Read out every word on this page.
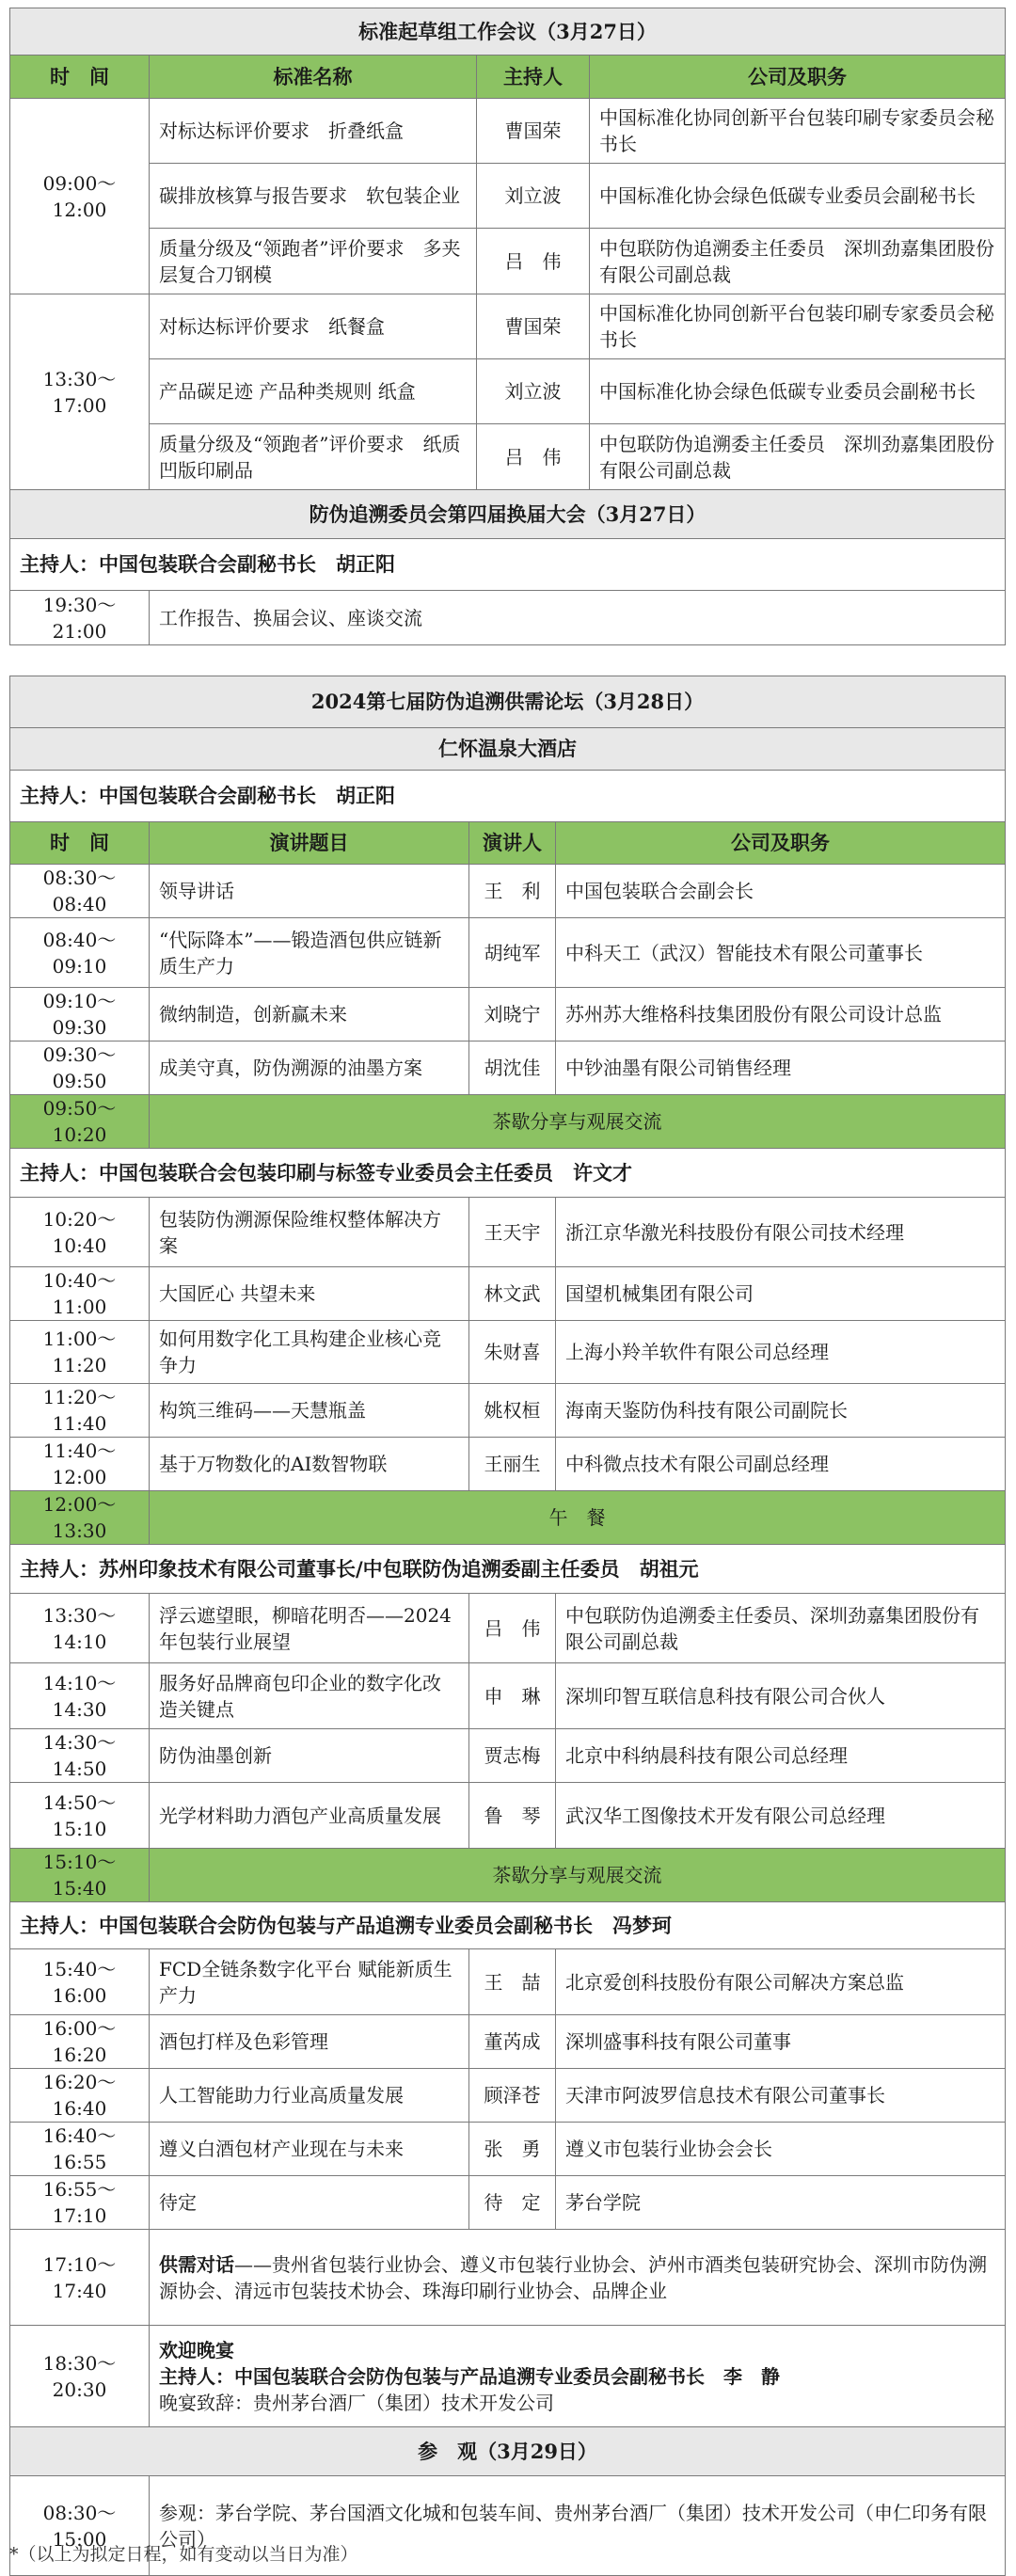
标准起草组工作会议（3月27日）			
时　间	标准名称	主持人	公司及职务
09:00～12:00	对标达标评价要求　折叠纸盒	曹国荣	中国标准化协同创新平台包装印刷专家委员会秘书长
	碳排放核算与报告要求　软包装企业	刘立波	中国标准化协会绿色低碳专业委员会副秘书长
	质量分级及“领跑者”评价要求　多夹层复合刀钢模	吕　伟	中包联防伪追溯委主任委员　深圳劲嘉集团股份有限公司副总裁
13:30～17:00	对标达标评价要求　纸餐盒	曹国荣	中国标准化协同创新平台包装印刷专家委员会秘书长
	产品碳足迹 产品种类规则 纸盒	刘立波	中国标准化协会绿色低碳专业委员会副秘书长
	质量分级及“领跑者”评价要求　纸质凹版印刷品	吕　伟	中包联防伪追溯委主任委员　深圳劲嘉集团股份有限公司副总裁
防伪追溯委员会第四届换届大会（3月27日）			
主持人：中国包装联合会副秘书长　胡正阳			
19:30～21:00	工作报告、换届会议、座谈交流		
2024第七届防伪追溯供需论坛（3月28日）			
仁怀温泉大酒店			
主持人：中国包装联合会副秘书长　胡正阳			
时　间	演讲题目	演讲人	公司及职务
08:30～08:40	领导讲话	王　利	中国包装联合会副会长
08:40～09:10	“代际降本”——锻造酒包供应链新质生产力	胡纯军	中科天工（武汉）智能技术有限公司董事长
09:10～09:30	微纳制造，创新赢未来	刘晓宁	苏州苏大维格科技集团股份有限公司设计总监
09:30～09:50	成美守真，防伪溯源的油墨方案	胡沈佳	中钞油墨有限公司销售经理
09:50～10:20	茶歇分享与观展交流		
主持人：中国包装联合会包装印刷与标签专业委员会主任委员　许文才			
10:20～10:40	包装防伪溯源保险维权整体解决方案	王天宇	浙江京华激光科技股份有限公司技术经理
10:40～11:00	大国匠心 共望未来	林文武	国望机械集团有限公司
11:00～11:20	如何用数字化工具构建企业核心竞争力	朱财喜	上海小羚羊软件有限公司总经理
11:20～11:40	构筑三维码——天慧瓶盖	姚权桓	海南天鉴防伪科技有限公司副院长
11:40～12:00	基于万物数化的AI数智物联	王丽生	中科微点技术有限公司副总经理
12:00～13:30	午　餐		
主持人：苏州印象技术有限公司董事长/中包联防伪追溯委副主任委员　胡祖元			
13:30～14:10	浮云遮望眼，柳暗花明否——2024年包装行业展望	吕　伟	中包联防伪追溯委主任委员、深圳劲嘉集团股份有限公司副总裁
14:10～14:30	服务好品牌商包印企业的数字化改造关键点	申　琳	深圳印智互联信息科技有限公司合伙人
14:30～14:50	防伪油墨创新	贾志梅	北京中科纳晨科技有限公司总经理
14:50～15:10	光学材料助力酒包产业高质量发展	鲁　琴	武汉华工图像技术开发有限公司总经理
15:10～15:40	茶歇分享与观展交流		
主持人：中国包装联合会防伪包装与产品追溯专业委员会副秘书长　冯梦珂			
15:40～16:00	FCD全链条数字化平台 赋能新质生产力	王　喆	北京爱创科技股份有限公司解决方案总监
16:00～16:20	酒包打样及色彩管理	董芮成	深圳盛事科技有限公司董事
16:20～16:40	人工智能助力行业高质量发展	顾泽苍	天津市阿波罗信息技术有限公司董事长
16:40～16:55	遵义白酒包材产业现在与未来	张　勇	遵义市包装行业协会会长
16:55～17:10	待定	待　定	茅台学院
17:10～17:40	供需对话——贵州省包装行业协会、遵义市包装行业协会、泸州市酒类包装研究协会、深圳市防伪溯源协会、清远市包装技术协会、珠海印刷行业协会、品牌企业		
18:30～20:30	欢迎晚宴
主持人：中国包装联合会防伪包装与产品追溯专业委员会副秘书长　李　静
晚宴致辞：贵州茅台酒厂（集团）技术开发公司		

参　观（3月29日）			
08:30～15:00	参观：茅台学院、茅台国酒文化城和包装车间、贵州茅台酒厂（集团）技术开发公司（申仁印务有限公司）		
*（以上为拟定日程，如有变动以当日为准）
